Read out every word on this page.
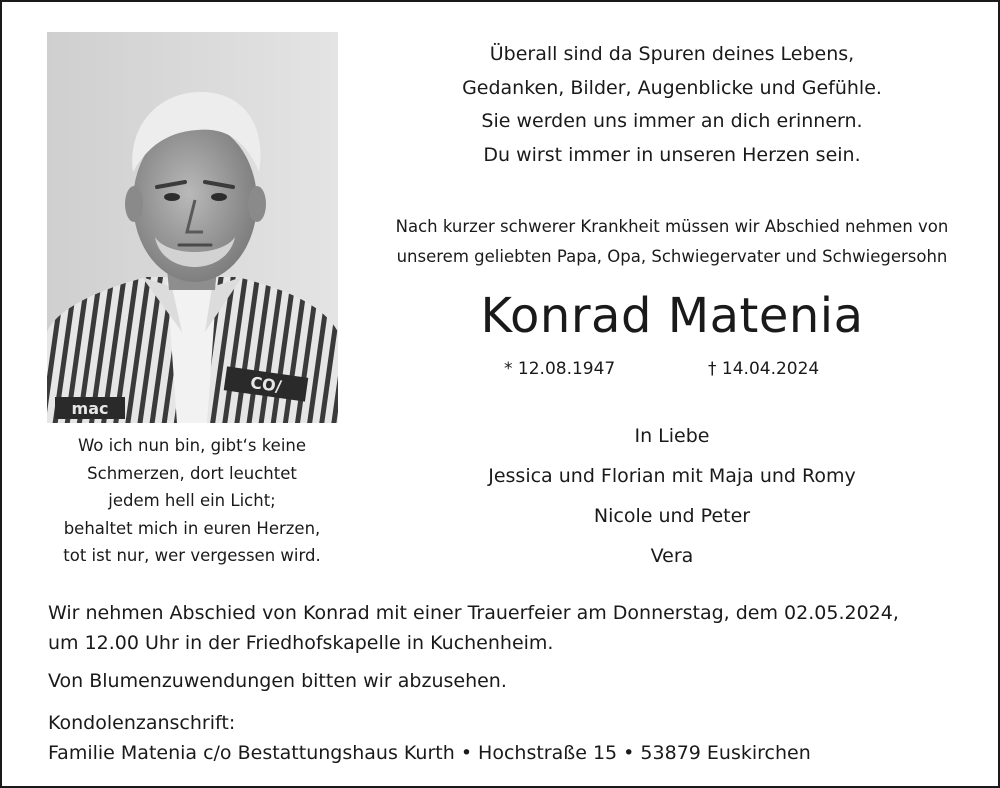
mac
CO/
Wo ich nun bin, gibt‘s keine
Schmerzen, dort leuchtet
jedem hell ein Licht;
behaltet mich in euren Herzen,
tot ist nur, wer vergessen wird.
Überall sind da Spuren deines Lebens,
Gedanken, Bilder, Augenblicke und Gefühle.
Sie werden uns immer an dich erinnern.
Du wirst immer in unseren Herzen sein.
Nach kurzer schwerer Krankheit müssen wir Abschied nehmen von
unserem geliebten Papa, Opa, Schwiegervater und Schwiegersohn
Konrad Matenia
* 12.08.1947	† 14.04.2024
In Liebe
Jessica und Florian mit Maja und Romy
Nicole und Peter
Vera
Wir nehmen Abschied von Konrad mit einer Trauerfeier am Donnerstag, dem 02.05.2024,
um 12.00 Uhr in der Friedhofskapelle in Kuchenheim.
Von Blumenzuwendungen bitten wir abzusehen.
Kondolenzanschrift:
Familie Matenia c/o Bestattungshaus Kurth • Hochstraße 15 • 53879 Euskirchen
